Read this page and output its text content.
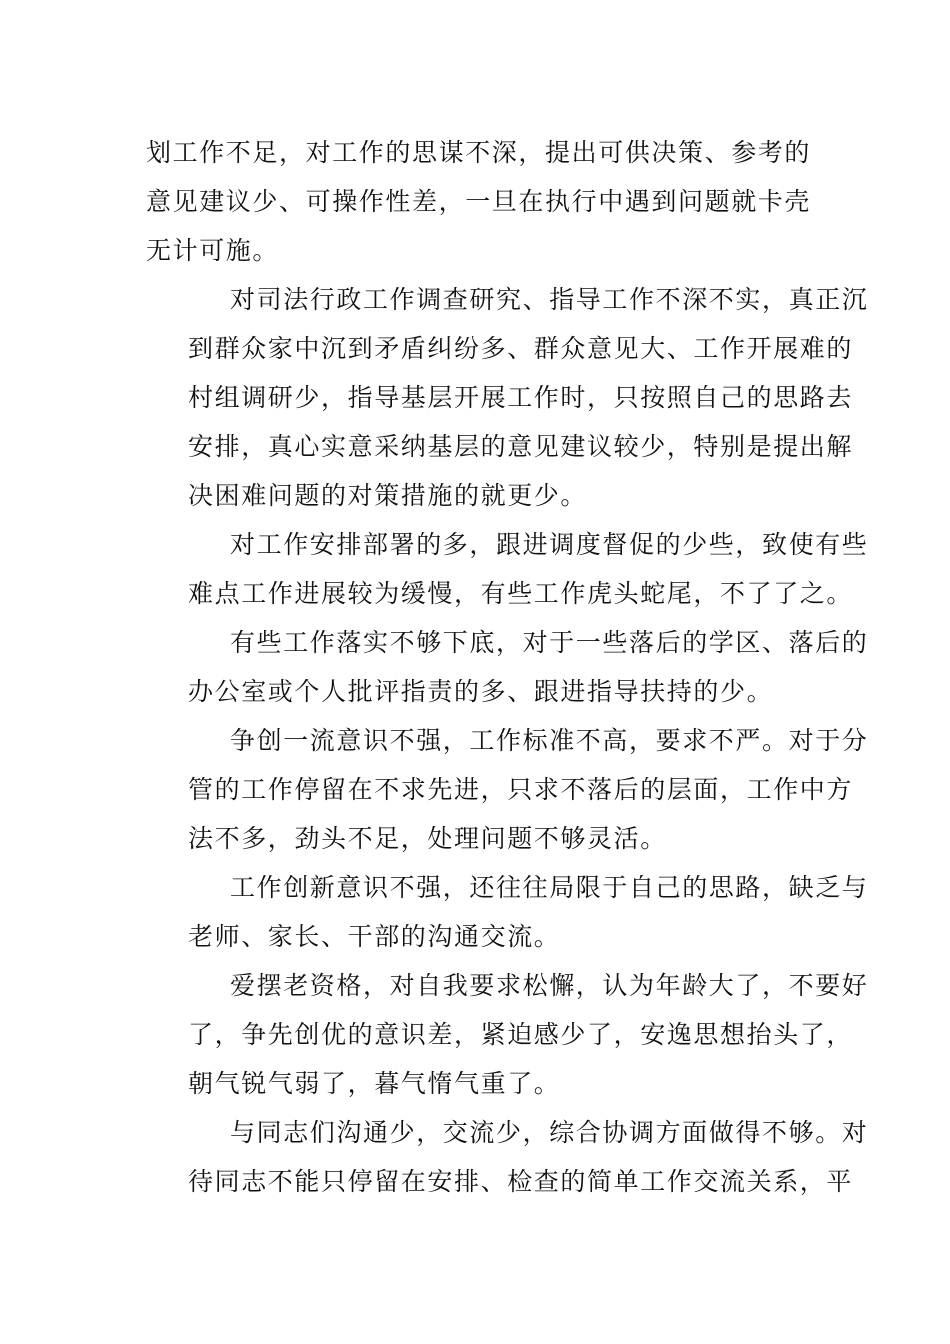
划工作不足，对工作的思谋不深，提出可供决策、参考的
意见建议少、可操作性差，一旦在执行中遇到问题就卡壳
无计可施。
对司法行政工作调查研究、指导工作不深不实，真正沉
到群众家中沉到矛盾纠纷多、群众意见大、工作开展难的
村组调研少，指导基层开展工作时，只按照自己的思路去
安排，真心实意采纳基层的意见建议较少，特别是提出解
决困难问题的对策措施的就更少。
对工作安排部署的多，跟进调度督促的少些，致使有些
难点工作进展较为缓慢，有些工作虎头蛇尾，不了了之。
有些工作落实不够下底，对于一些落后的学区、落后的
办公室或个人批评指责的多、跟进指导扶持的少。
争创一流意识不强，工作标准不高，要求不严。对于分
管的工作停留在不求先进，只求不落后的层面，工作中方
法不多，劲头不足，处理问题不够灵活。
工作创新意识不强，还往往局限于自己的思路，缺乏与
老师、家长、干部的沟通交流。
爱摆老资格，对自我要求松懈，认为年龄大了，不要好
了，争先创优的意识差，紧迫感少了，安逸思想抬头了，
朝气锐气弱了，暮气惰气重了。
与同志们沟通少，交流少，综合协调方面做得不够。对
待同志不能只停留在安排、检查的简单工作交流关系，平
